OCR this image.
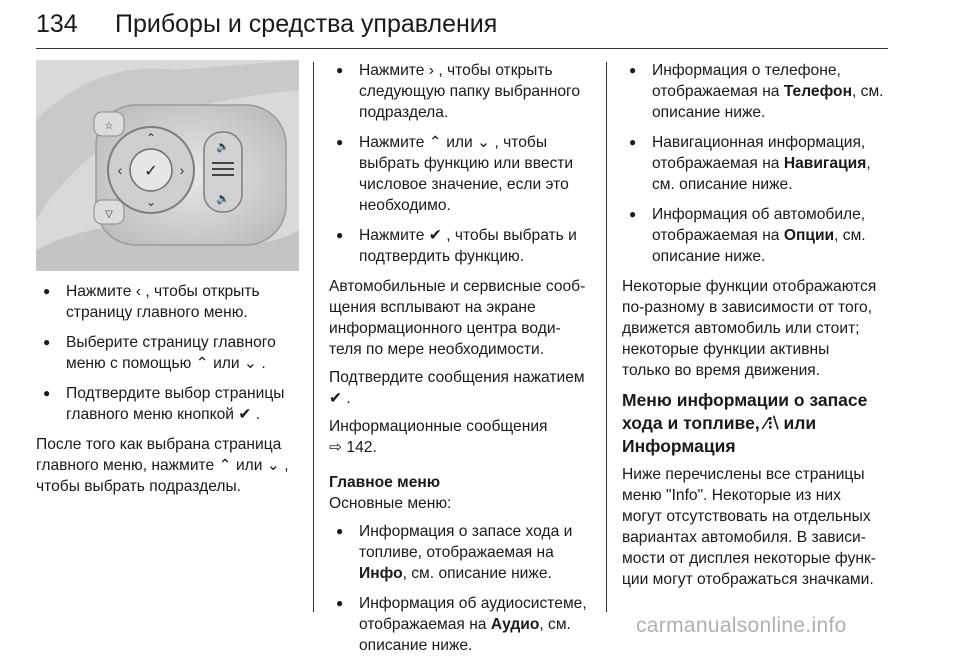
134 Приборы и средства управления
☆
▽
✓
⌃
⌄
‹	›
🔈
🔉
● Нажмите ‹ , чтобы открыть
страницу главного меню.
● Выберите страницу главного
меню с помощью ⌃ или ⌄ .
● Подтвердите выбор страницы
главного меню кнопкой ✔ .

После того как выбрана страница
главного меню, нажмите ⌃ или ⌄ ,
чтобы выбрать подразделы.

● Нажмите › , чтобы открыть
следующую папку выбранного
подраздела.
● Нажмите ⌃ или ⌄ , чтобы
выбрать функцию или ввести
числовое значение, если это
необходимо.
● Нажмите ✔ , чтобы выбрать и
подтвердить функцию.

Автомобильные и сервисные сооб-
щения всплывают на экране
информационного центра води-
теля по мере необходимости.

Подтвердите сообщения нажатием
✔ .

Информационные сообщения
⇨ 142.

Главное меню

Основные меню:

● Информация о запасе хода и
топливе, отображаемая на
Инфо, см. описание ниже.
● Информация об аудиосистеме,
отображаемая на Аудио, см.
описание ниже.
● Информация о телефоне,
отображаемая на Телефон, см.
описание ниже.
● Навигационная информация,
отображаемая на Навигация,
см. описание ниже.
● Информация об автомобиле,
отображаемая на Опции, см.
описание ниже.

Некоторые функции отображаются
по-разному в зависимости от того,
движется автомобиль или стоит;
некоторые функции активны
только во время движения.

Меню информации о запасе
хода и топливе, ⁄⁝⧵ или
Информация

Ниже перечислены все страницы
меню "Info". Некоторые из них
могут отсутствовать на отдельных
вариантах автомобиля. В зависи-
мости от дисплея некоторые функ-
ции могут отображаться значками.

carmanualsonline.info
